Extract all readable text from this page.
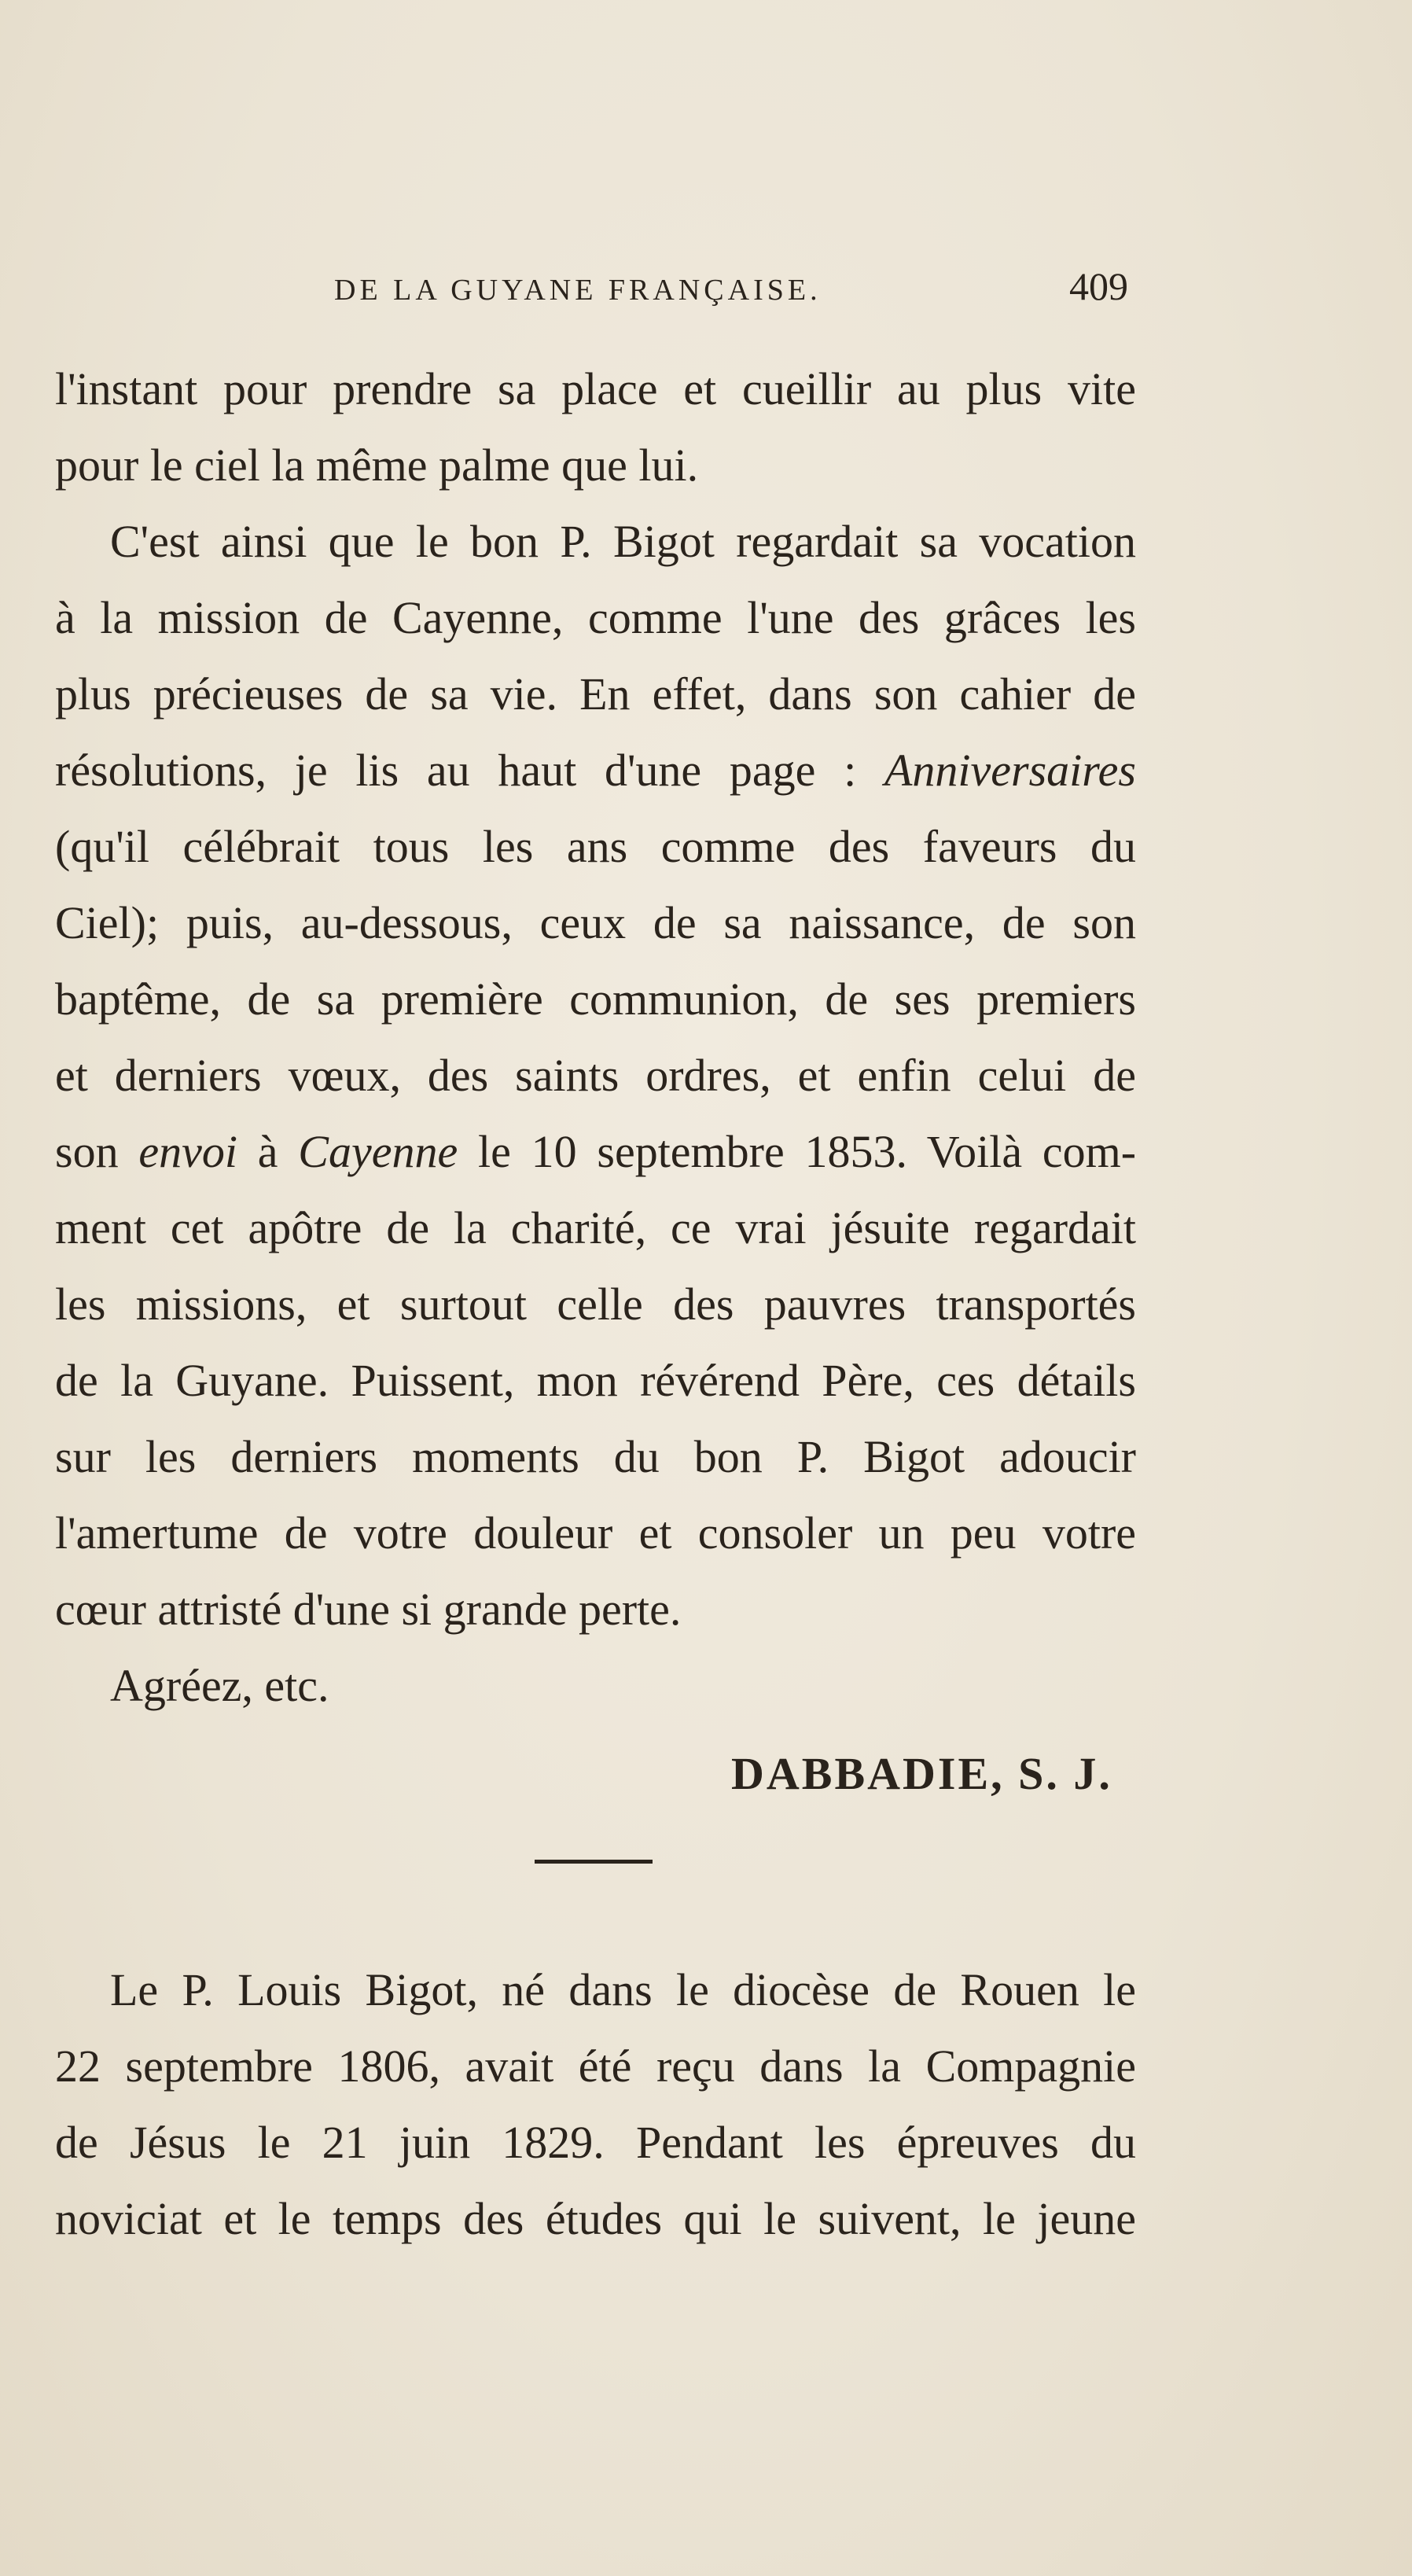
DE LA GUYANE FRANÇAISE.	409
l'instant pour prendre sa place et cueillir au plus vite
pour le ciel la même palme que lui.
C'est ainsi que le bon P. Bigot regardait sa vocation
à la mission de Cayenne, comme l'une des grâces les
plus précieuses de sa vie. En effet, dans son cahier de
résolutions, je lis au haut d'une page : Anniversaires
(qu'il célébrait tous les ans comme des faveurs du
Ciel); puis, au-dessous, ceux de sa naissance, de son
baptême, de sa première communion, de ses premiers
et derniers vœux, des saints ordres, et enfin celui de
son envoi à Cayenne le 10 septembre 1853. Voilà com-
ment cet apôtre de la charité, ce vrai jésuite regardait
les missions, et surtout celle des pauvres transportés
de la Guyane. Puissent, mon révérend Père, ces détails
sur les derniers moments du bon P. Bigot adoucir
l'amertume de votre douleur et consoler un peu votre
cœur attristé d'une si grande perte.
Agréez, etc.
DABBADIE, S. J.
Le P. Louis Bigot, né dans le diocèse de Rouen le
22 septembre 1806, avait été reçu dans la Compagnie
de Jésus le 21 juin 1829. Pendant les épreuves du
noviciat et le temps des études qui le suivent, le jeune
